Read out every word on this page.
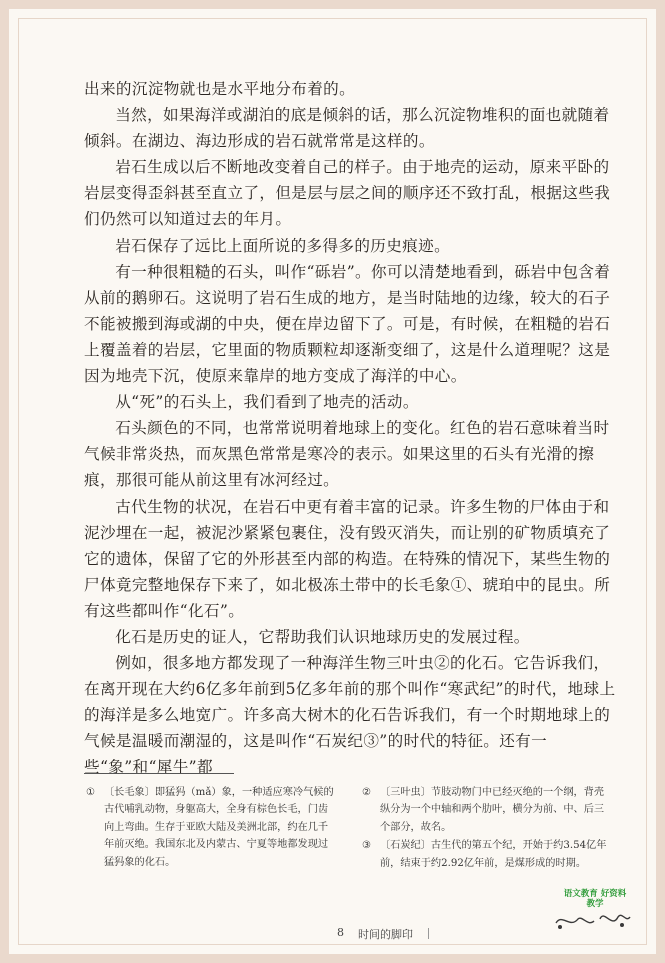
出来的沉淀物就也是水平地分布着的。

当然，如果海洋或湖泊的底是倾斜的话，那么沉淀物堆积的面也就随着倾斜。在湖边、海边形成的岩石就常常是这样的。

岩石生成以后不断地改变着自己的样子。由于地壳的运动，原来平卧的岩层变得歪斜甚至直立了，但是层与层之间的顺序还不致打乱，根据这些我们仍然可以知道过去的年月。

岩石保存了远比上面所说的多得多的历史痕迹。

有一种很粗糙的石头，叫作“砾岩”。你可以清楚地看到，砾岩中包含着从前的鹅卵石。这说明了岩石生成的地方，是当时陆地的边缘，较大的石子不能被搬到海或湖的中央，便在岸边留下了。可是，有时候，在粗糙的岩石上覆盖着的岩层，它里面的物质颗粒却逐渐变细了，这是什么道理呢？这是因为地壳下沉，使原来靠岸的地方变成了海洋的中心。

从“死”的石头上，我们看到了地壳的活动。

石头颜色的不同，也常常说明着地球上的变化。红色的岩石意味着当时气候非常炎热，而灰黑色常常是寒冷的表示。如果这里的石头有光滑的擦痕，那很可能从前这里有冰河经过。

古代生物的状况，在岩石中更有着丰富的记录。许多生物的尸体由于和泥沙埋在一起，被泥沙紧紧包裹住，没有毁灭消失，而让别的矿物质填充了它的遗体，保留了它的外形甚至内部的构造。在特殊的情况下，某些生物的尸体竟完整地保存下来了，如北极冻土带中的长毛象①、琥珀中的昆虫。所有这些都叫作“化石”。

化石是历史的证人，它帮助我们认识地球历史的发展过程。

例如，很多地方都发现了一种海洋生物三叶虫②的化石。它告诉我们，在离开现在大约6亿多年前到5亿多年前的那个叫作“寒武纪”的时代，地球上的海洋是多么地宽广。许多高大树木的化石告诉我们，有一个时期地球上的气候是温暖而潮湿的，这是叫作“石炭纪③”的时代的特征。还有一些“象”和“犀牛”都

① 〔长毛象〕即猛犸（mǎ）象，一种适应寒冷气候的古代哺乳动物，身躯高大，全身有棕色长毛，门齿向上弯曲。生存于亚欧大陆及美洲北部，约在几千年前灭绝。我国东北及内蒙古、宁夏等地都发现过猛犸象的化石。
② 〔三叶虫〕节肢动物门中已经灭绝的一个纲，背壳纵分为一个中轴和两个肋叶，横分为前、中、后三个部分，故名。
③ 〔石炭纪〕古生代的第五个纪，开始于约3.54亿年前，结束于约2.92亿年前，是煤形成的时期。
语文教育 好资料 教学
8 时间的脚印
